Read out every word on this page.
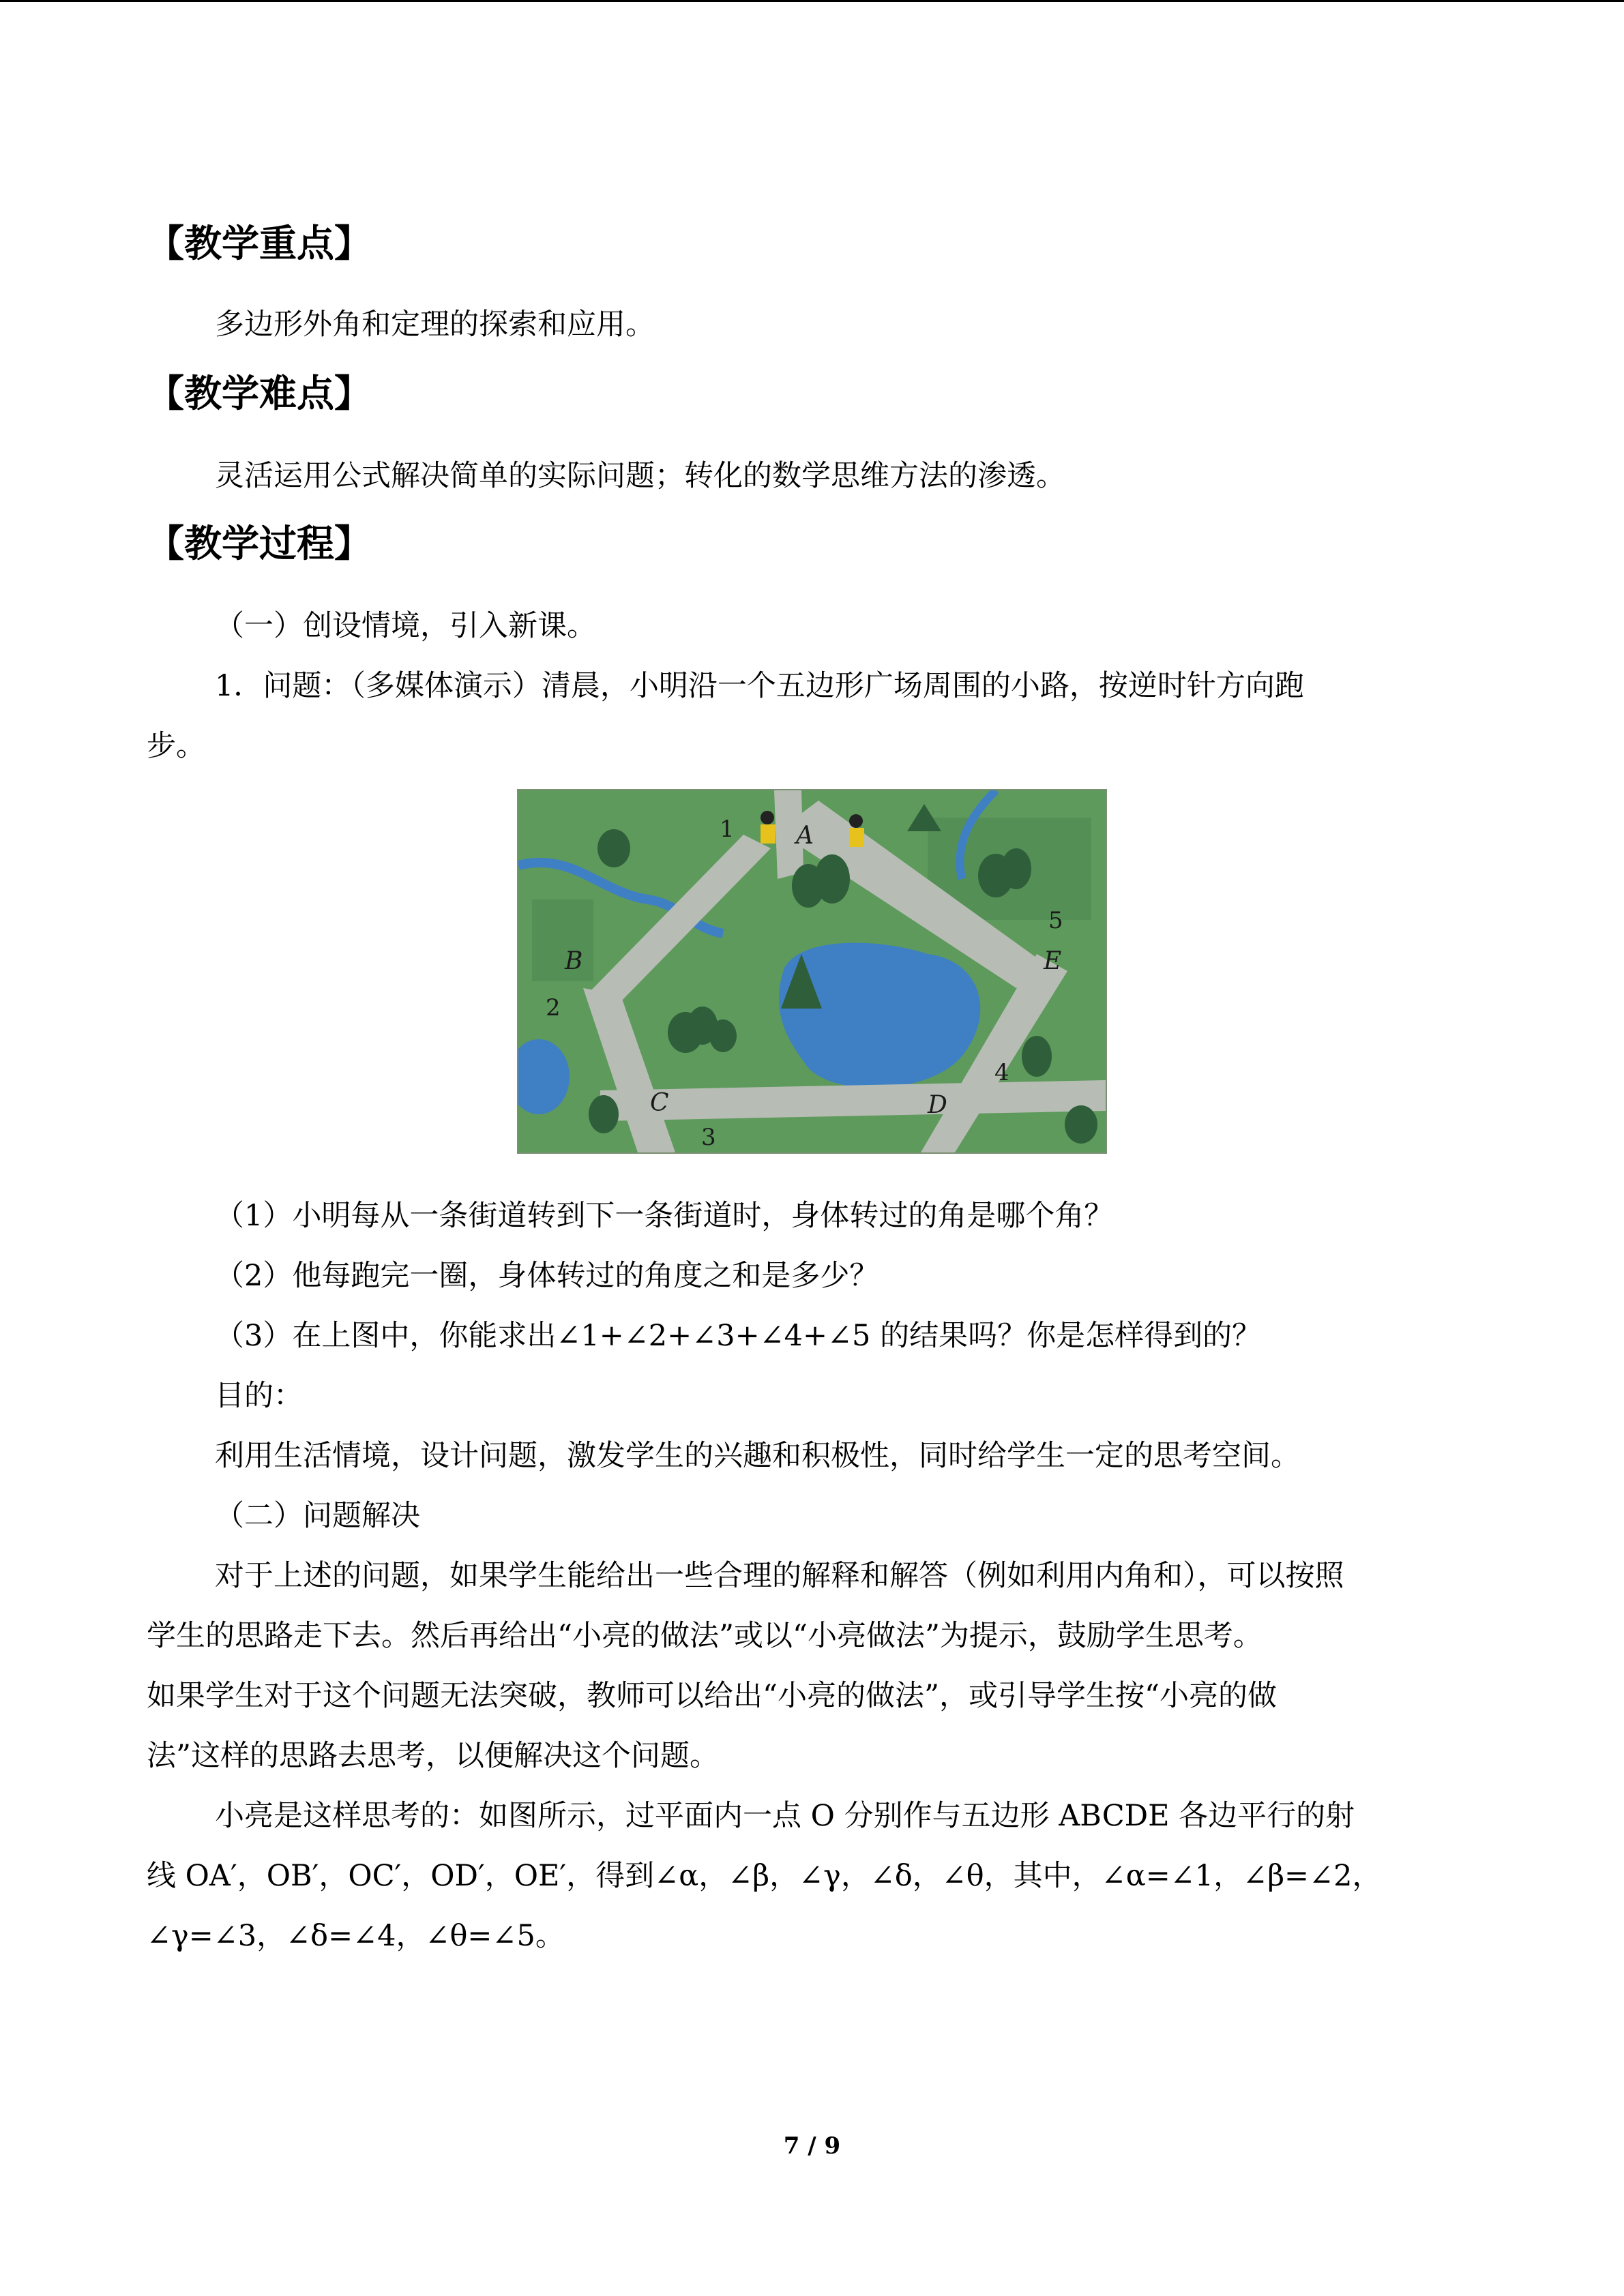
【教学重点】

多边形外角和定理的探索和应用。

【教学难点】

灵活运用公式解决简单的实际问题；转化的数学思维方法的渗透。

【教学过程】

（一）创设情境，引入新课。

1．问题：（多媒体演示）清晨，小明沿一个五边形广场周围的小路，按逆时针方向跑

步。

A
B
C	D
E
1
2
3
4
5

（1）小明每从一条街道转到下一条街道时，身体转过的角是哪个角？

（2）他每跑完一圈，身体转过的角度之和是多少？

（3）在上图中，你能求出∠1+∠2+∠3+∠4+∠5 的结果吗？你是怎样得到的？

目的：

利用生活情境，设计问题，激发学生的兴趣和积极性，同时给学生一定的思考空间。

（二）问题解决

对于上述的问题，如果学生能给出一些合理的解释和解答（例如利用内角和），可以按照

学生的思路走下去。然后再给出“小亮的做法”或以“小亮做法”为提示，鼓励学生思考。

如果学生对于这个问题无法突破，教师可以给出“小亮的做法”，或引导学生按“小亮的做

法”这样的思路去思考，以便解决这个问题。

小亮是这样思考的：如图所示，过平面内一点 O 分别作与五边形 ABCDE 各边平行的射

线 OA′，OB′，OC′，OD′，OE′，得到∠α，∠β，∠γ，∠δ，∠θ，其中，∠α=∠1，∠β=∠2，

∠γ=∠3，∠δ=∠4，∠θ=∠5。

7 / 9
